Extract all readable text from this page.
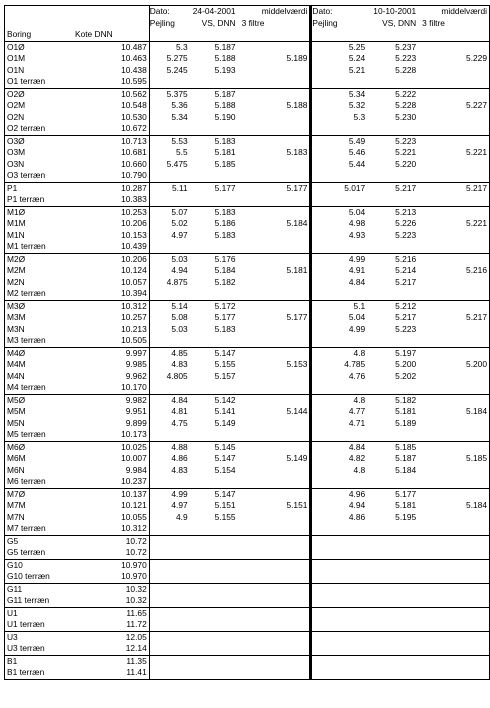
		Dato:	24-04-2001	middelværdi	Dato:	10-10-2001	middelværdi
		Pejling	VS, DNN	3 filtre	Pejling	VS, DNN	3 filtre
Boring	Kote DNN						
O1Ø	10.487	5.3	5.187		5.25	5.237	
O1M	10.463	5.275	5.188	5.189	5.24	5.223	5.229
O1N	10.438	5.245	5.193		5.21	5.228	
O1 terræn	10.595						
O2Ø	10.562	5.375	5.187		5.34	5.222	
O2M	10.548	5.36	5.188	5.188	5.32	5.228	5.227
O2N	10.530	5.34	5.190		5.3	5.230	
O2 terræn	10.672						
O3Ø	10.713	5.53	5.183		5.49	5.223	
O3M	10.681	5.5	5.181	5.183	5.46	5.221	5.221
O3N	10.660	5.475	5.185		5.44	5.220	
O3 terræn	10.790						
P1	10.287	5.11	5.177	5.177	5.017	5.217	5.217
P1 terræn	10.383						
M1Ø	10.253	5.07	5.183		5.04	5.213	
M1M	10.206	5.02	5.186	5.184	4.98	5.226	5.221
M1N	10.153	4.97	5.183		4.93	5.223	
M1 terræn	10.439						
M2Ø	10.206	5.03	5.176		4.99	5.216	
M2M	10.124	4.94	5.184	5.181	4.91	5.214	5.216
M2N	10.057	4.875	5.182		4.84	5.217	
M2 terræn	10.394						
M3Ø	10.312	5.14	5.172		5.1	5.212	
M3M	10.257	5.08	5.177	5.177	5.04	5.217	5.217
M3N	10.213	5.03	5.183		4.99	5.223	
M3 terræn	10.505						
M4Ø	9.997	4.85	5.147		4.8	5.197	
M4M	9.985	4.83	5.155	5.153	4.785	5.200	5.200
M4N	9.962	4.805	5.157		4.76	5.202	
M4 terræn	10.170						
M5Ø	9.982	4.84	5.142		4.8	5.182	
M5M	9.951	4.81	5.141	5.144	4.77	5.181	5.184
M5N	9.899	4.75	5.149		4.71	5.189	
M5 terræn	10.173						
M6Ø	10.025	4.88	5.145		4.84	5.185	
M6M	10.007	4.86	5.147	5.149	4.82	5.187	5.185
M6N	9.984	4.83	5.154		4.8	5.184	
M6 terræn	10.237						
M7Ø	10.137	4.99	5.147		4.96	5.177	
M7M	10.121	4.97	5.151	5.151	4.94	5.181	5.184
M7N	10.055	4.9	5.155		4.86	5.195	
M7 terræn	10.312						
G5	10.72						
G5 terræn	10.72						
G10	10.970						
G10 terræn	10.970						
G11	10.32						
G11 terræn	10.32						
U1	11.65						
U1 terræn	11.72						
U3	12.05						
U3 terræn	12.14						
B1	11.35						
B1 terræn	11.41						
